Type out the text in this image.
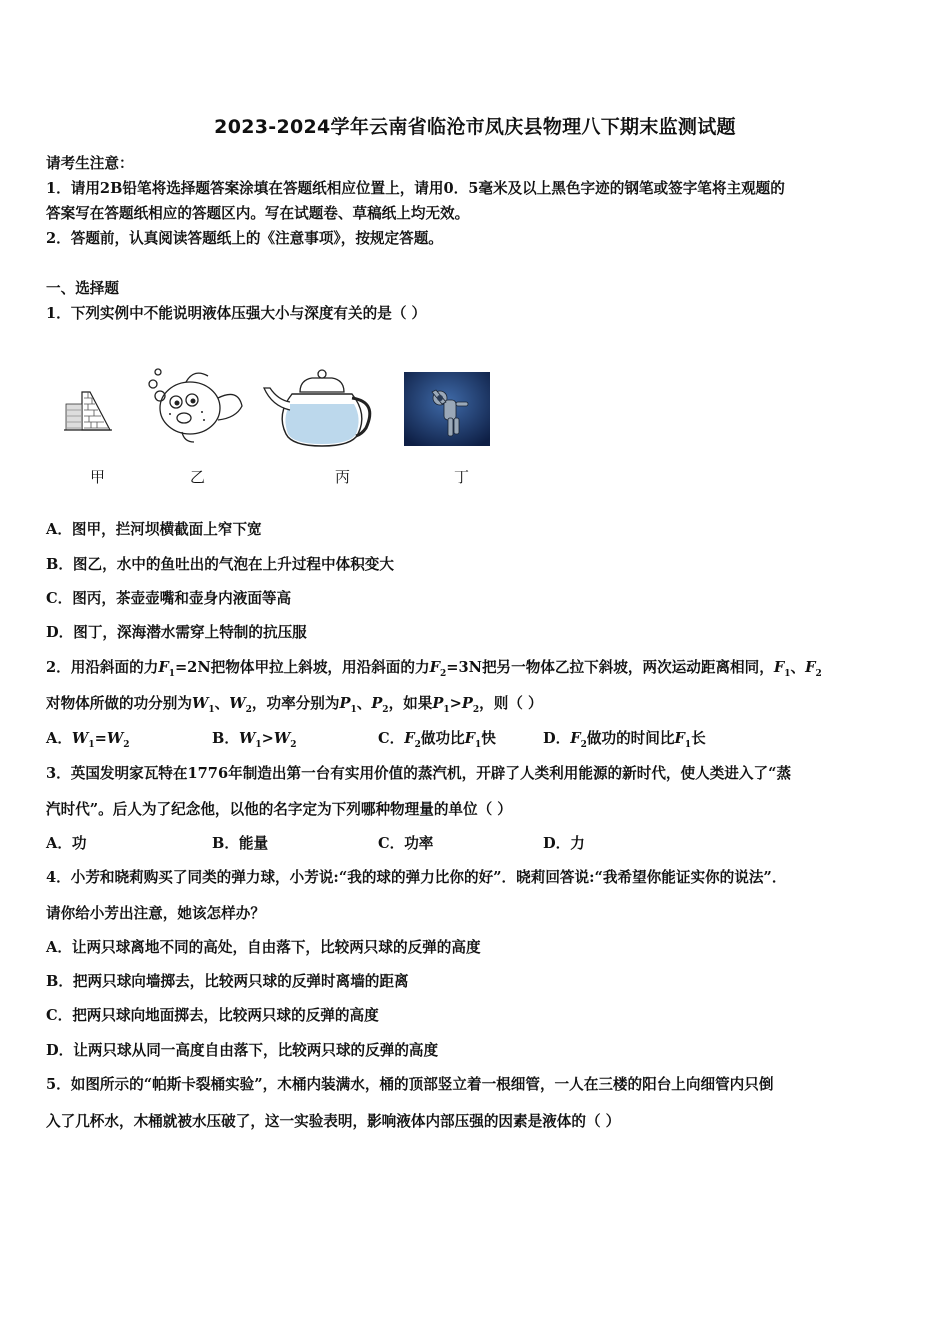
2023-2024学年云南省临沧市凤庆县物理八下期末监测试题
请考生注意：
1．请用2B铅笔将选择题答案涂填在答题纸相应位置上，请用0．5毫米及以上黑色字迹的钢笔或签字笔将主观题的
答案写在答题纸相应的答题区内。写在试题卷、草稿纸上均无效。
2．答题前，认真阅读答题纸上的《注意事项》，按规定答题。
一、选择题
1．下列实例中不能说明液体压强大小与深度有关的是（ ）
甲	乙	丙	丁
A．图甲，拦河坝横截面上窄下宽
B．图乙，水中的鱼吐出的气泡在上升过程中体积变大
C．图丙，茶壶壶嘴和壶身内液面等高
D．图丁，深海潜水需穿上特制的抗压服
2．用沿斜面的力$F_1=2N$把物体甲拉上斜坡，用沿斜面的力$F_2=3N$把另一物体乙拉下斜坡，两次运动距离相同，$F_1$、$F_2$
对物体所做的功分别为$W_1$、$W_2$，功率分别为$P_1$、$P_2$，如果$P_1>P_2$，则（ ）
A．$W_1=W_2$	B．$W_1>W_2$	C．$F_2$做功比$F_1$快	D．$F_2$做功的时间比$F_1$长
3．英国发明家瓦特在1776年制造出第一台有实用价值的蒸汽机，开辟了人类利用能源的新时代，使人类进入了“蒸
汽时代”。后人为了纪念他，以他的名字定为下列哪种物理量的单位（ ）
A．功	B．能量	C．功率	D．力
4．小芳和晓莉购买了同类的弹力球，小芳说:“我的球的弹力比你的好”．晓莉回答说:“我希望你能证实你的说法”．
请你给小芳出注意，她该怎样办？
A．让两只球离地不同的高处，自由落下，比较两只球的反弹的高度
B．把两只球向墙掷去，比较两只球的反弹时离墙的距离
C．把两只球向地面掷去，比较两只球的反弹的高度
D．让两只球从同一高度自由落下，比较两只球的反弹的高度
5．如图所示的“帕斯卡裂桶实验”，木桶内装满水，桶的顶部竖立着一根细管，一人在三楼的阳台上向细管内只倒
入了几杯水，木桶就被水压破了，这一实验表明，影响液体内部压强的因素是液体的（ ）
